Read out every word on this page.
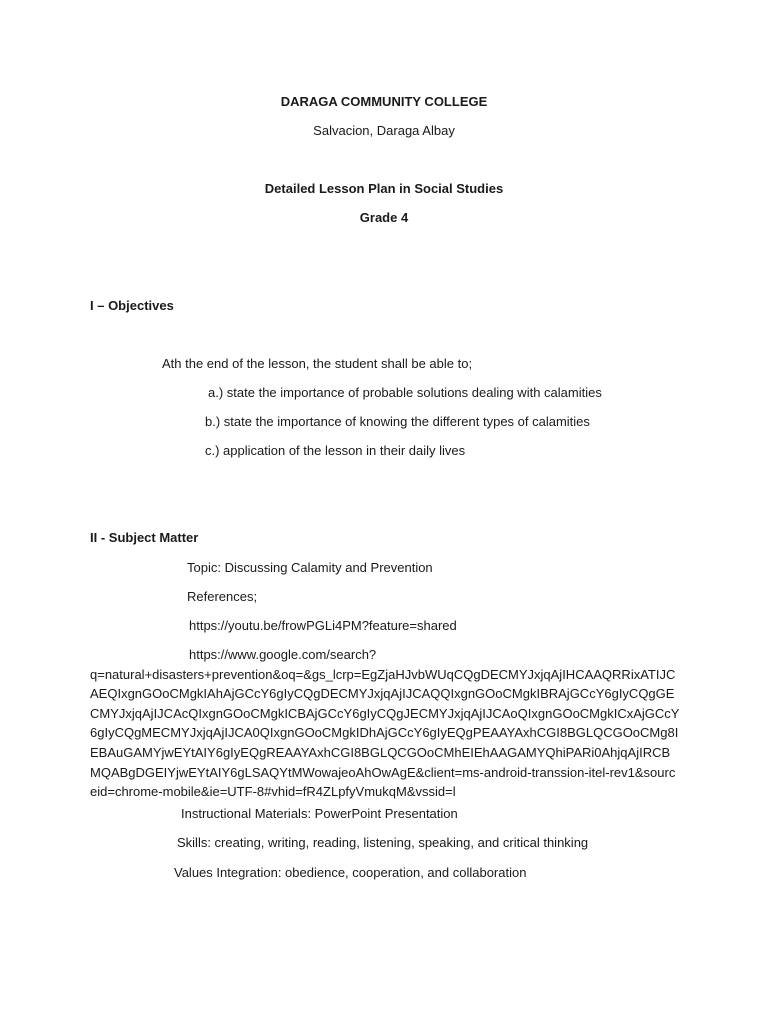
DARAGA COMMUNITY COLLEGE
Salvacion, Daraga Albay
Detailed Lesson Plan in Social Studies
Grade 4
I – Objectives
Ath the end of the lesson, the student shall be able to;
a.) state the importance of probable solutions dealing with calamities
b.) state the importance of knowing the different types of calamities
c.) application of the lesson in their daily lives
II - Subject Matter
Topic: Discussing Calamity and Prevention
References;
https://youtu.be/frowPGLi4PM?feature=shared
https://www.google.com/search?
q=natural+disasters+prevention&oq=&gs_lcrp=EgZjaHJvbWUqCQgDECMYJxjqAjIHCAAQRRixATIJCAEQIxgnGOoCMgkIAhAjGCcY6gIyCQgDECMYJxjqAjIJCAQQIxgnGOoCMgkIBRAjGCcY6gIyCQgGECMYJxjqAjIJCAcQIxgnGOoCMgkICBAjGCcY6gIyCQgJECMYJxjqAjIJCAoQIxgnGOoCMgkICxAjGCcY6gIyCQgMECMYJxjqAjIJCA0QIxgnGOoCMgkIDhAjGCcY6gIyEQgPEAAYAxhCGI8BGLQCGOoCMg8IEBAuGAMYjwEYtAIY6gIyEQgREAAYAxhCGI8BGLQCGOoCMhEIEhAAGAMYQhiPARi0AhjqAjIRCBMQABgDGEIYjwEYtAIY6gLSAQYtMWowajeoAhOwAgE&client=ms-android-transsion-itel-rev1&sourceid=chrome-mobile&ie=UTF-8#vhid=fR4ZLpfyVmukqM&vssid=l
Instructional Materials: PowerPoint Presentation
Skills: creating, writing, reading, listening, speaking, and critical thinking
Values Integration: obedience, cooperation, and collaboration
